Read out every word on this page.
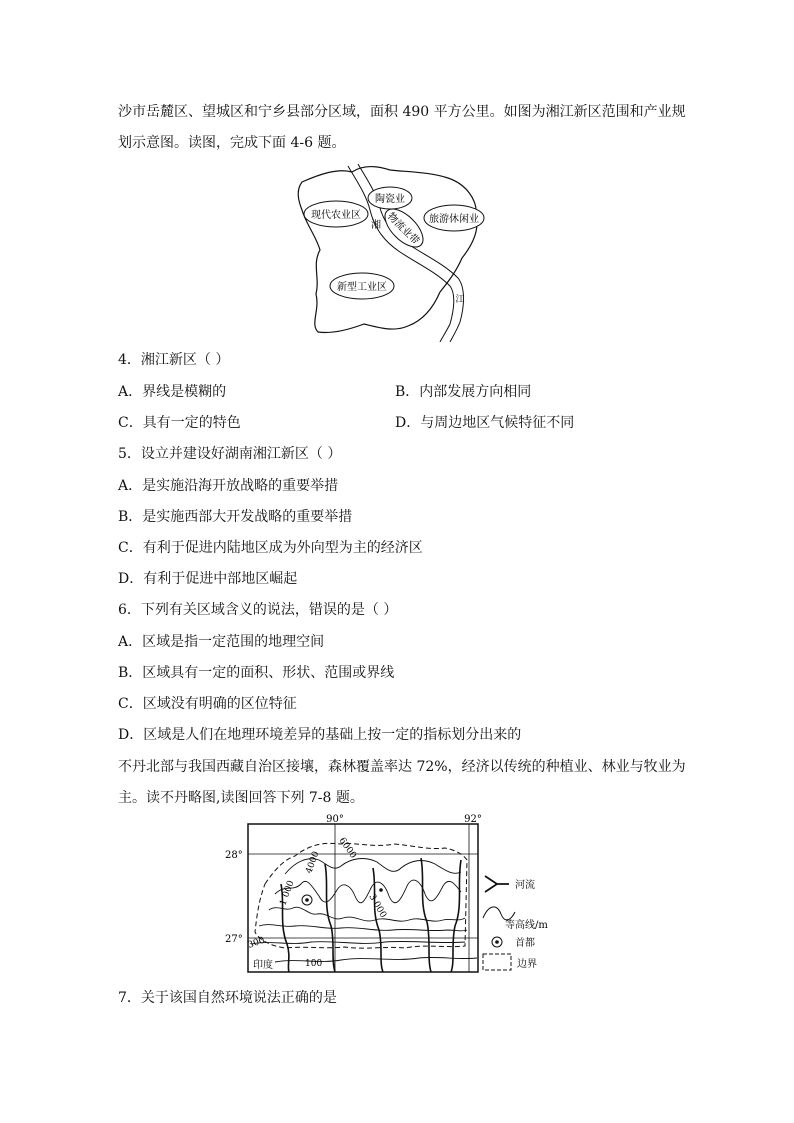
沙市岳麓区、望城区和宁乡县部分区域，面积 490 平方公里。如图为湘江新区范围和产业规
划示意图。读图，完成下面 4-6 题。
陶瓷业
现代农业区
湘 物流业带 旅游休闲业
新型工业区
江
4．湘江新区（ ）
A．界线是模糊的	B．内部发展方向相同
C．具有一定的特色	D．与周边地区气候特征不同
5．设立并建设好湖南湘江新区（ ）
A．是实施沿海开放战略的重要举措
B．是实施西部大开发战略的重要举措
C．有利于促进内陆地区成为外向型为主的经济区
D．有利于促进中部地区崛起
6．下列有关区域含义的说法，错误的是（ ）
A．区域是指一定范围的地理空间
B．区域具有一定的面积、形状、范围或界线
C．区域没有明确的区位特征
D．区域是人们在地理环境差异的基础上按一定的指标划分出来的
不丹北部与我国西藏自治区接壤，森林覆盖率达 72%，经济以传统的种植业、林业与牧业为
主。读不丹略图,读图回答下列 7-8 题。
90°	92°
28°
27°
6000
4000
3 000
1 000
300
100
印度
河流
等高线/m
首都
边界
7．关于该国自然环境说法正确的是
